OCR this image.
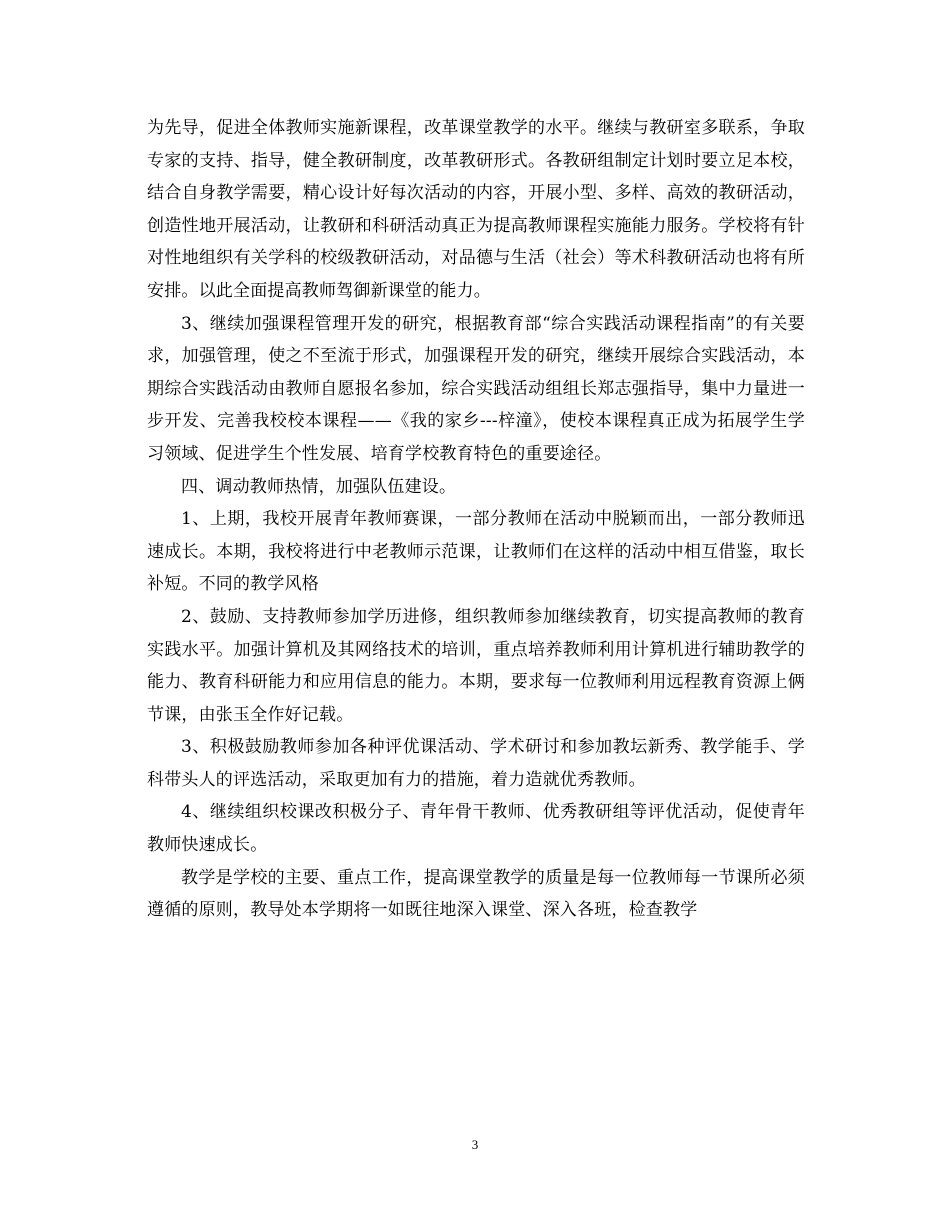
为先导，促进全体教师实施新课程，改革课堂教学的水平。继续与教研室多联系，争取专家的支持、指导，健全教研制度，改革教研形式。各教研组制定计划时要立足本校，结合自身教学需要，精心设计好每次活动的内容，开展小型、多样、高效的教研活动，创造性地开展活动，让教研和科研活动真正为提高教师课程实施能力服务。学校将有针对性地组织有关学科的校级教研活动，对品德与生活（社会）等术科教研活动也将有所安排。以此全面提高教师驾御新课堂的能力。

3、继续加强课程管理开发的研究，根据教育部“综合实践活动课程指南”的有关要求，加强管理，使之不至流于形式，加强课程开发的研究，继续开展综合实践活动，本期综合实践活动由教师自愿报名参加，综合实践活动组组长郑志强指导，集中力量进一步开发、完善我校校本课程——《我的家乡---梓潼》，使校本课程真正成为拓展学生学习领域、促进学生个性发展、培育学校教育特色的重要途径。

四、调动教师热情，加强队伍建设。

1、上期，我校开展青年教师赛课，一部分教师在活动中脱颖而出，一部分教师迅速成长。本期，我校将进行中老教师示范课，让教师们在这样的活动中相互借鉴，取长补短。不同的教学风格

2、鼓励、支持教师参加学历进修，组织教师参加继续教育，切实提高教师的教育实践水平。加强计算机及其网络技术的培训，重点培养教师利用计算机进行辅助教学的能力、教育科研能力和应用信息的能力。本期，要求每一位教师利用远程教育资源上俩节课，由张玉全作好记载。

3、积极鼓励教师参加各种评优课活动、学术研讨和参加教坛新秀、教学能手、学科带头人的评选活动，采取更加有力的措施，着力造就优秀教师。

4、继续组织校课改积极分子、青年骨干教师、优秀教研组等评优活动，促使青年教师快速成长。

教学是学校的主要、重点工作，提高课堂教学的质量是每一位教师每一节课所必须遵循的原则，教导处本学期将一如既往地深入课堂、深入各班，检查教学

3
